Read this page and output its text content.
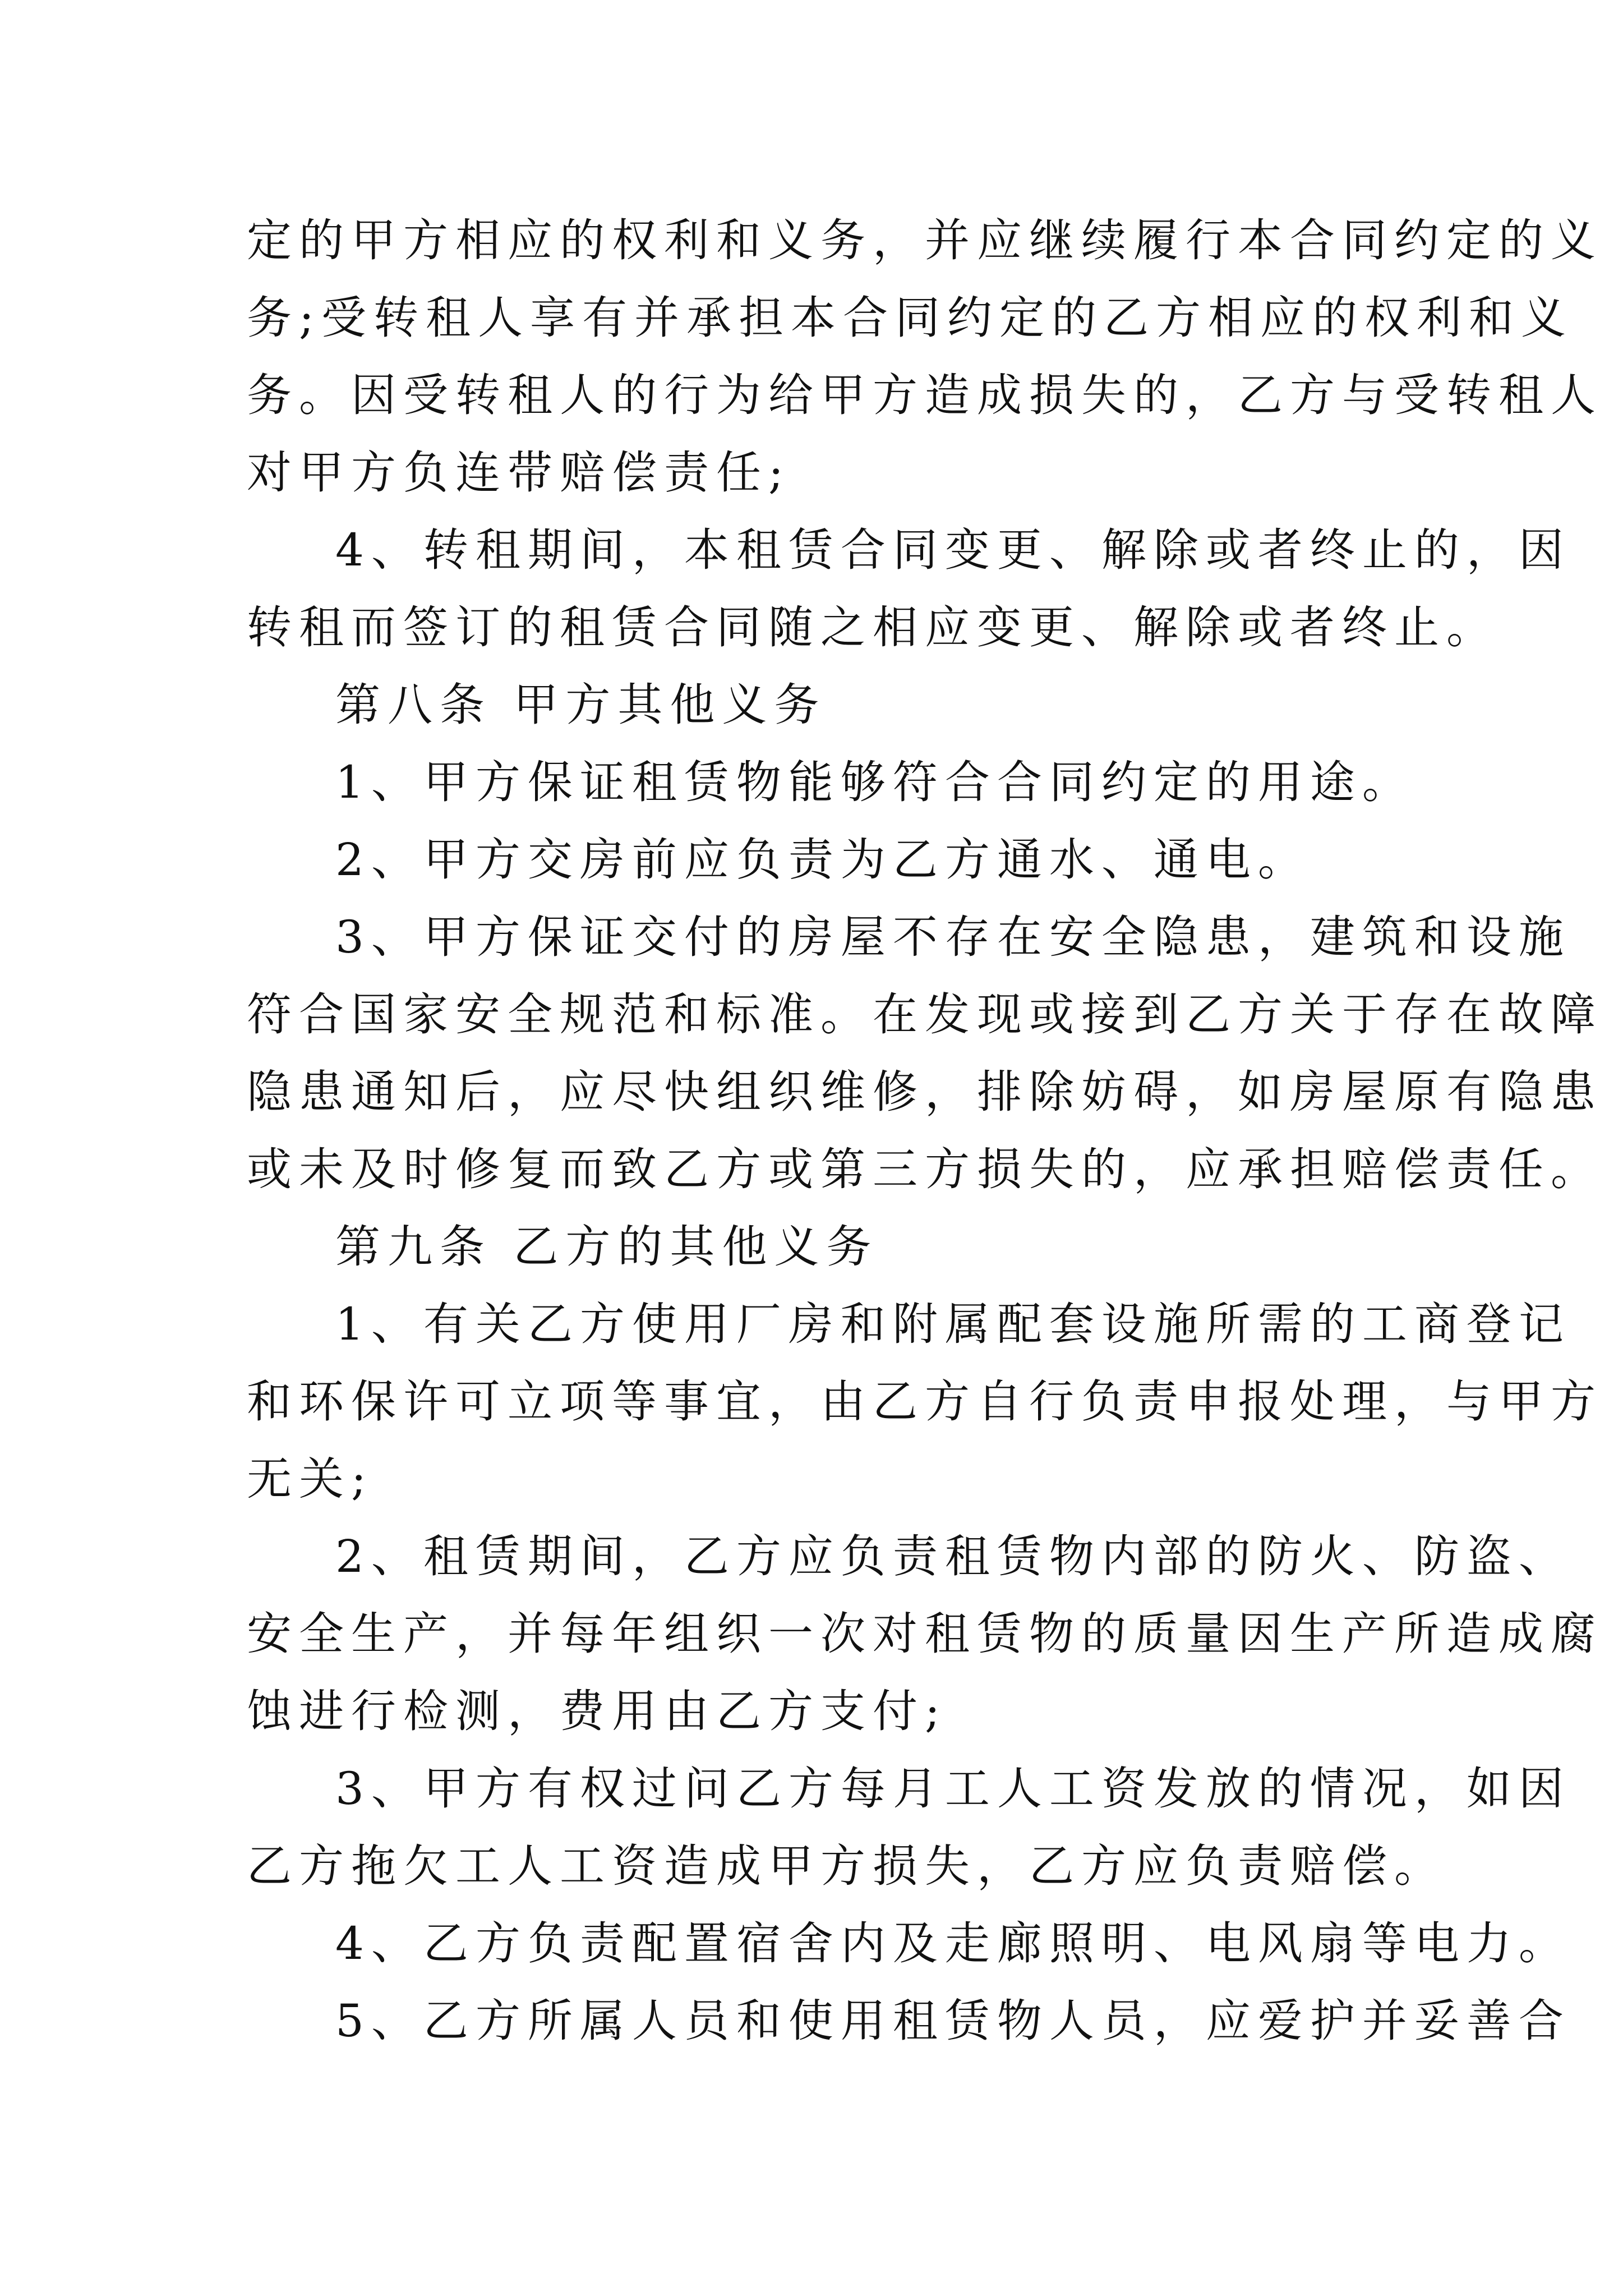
定的甲方相应的权利和义务，并应继续履行本合同约定的义
务;受转租人享有并承担本合同约定的乙方相应的权利和义
务。因受转租人的行为给甲方造成损失的，乙方与受转租人
对甲方负连带赔偿责任;
4、转租期间，本租赁合同变更、解除或者终止的，因
转租而签订的租赁合同随之相应变更、解除或者终止。
第八条 甲方其他义务
1、甲方保证租赁物能够符合合同约定的用途。
2、甲方交房前应负责为乙方通水、通电。
3、甲方保证交付的房屋不存在安全隐患，建筑和设施
符合国家安全规范和标准。在发现或接到乙方关于存在故障
隐患通知后，应尽快组织维修，排除妨碍，如房屋原有隐患
或未及时修复而致乙方或第三方损失的，应承担赔偿责任。
第九条 乙方的其他义务
1、有关乙方使用厂房和附属配套设施所需的工商登记
和环保许可立项等事宜，由乙方自行负责申报处理，与甲方
无关;
2、租赁期间，乙方应负责租赁物内部的防火、防盗、
安全生产，并每年组织一次对租赁物的质量因生产所造成腐
蚀进行检测，费用由乙方支付;
3、甲方有权过问乙方每月工人工资发放的情况，如因
乙方拖欠工人工资造成甲方损失，乙方应负责赔偿。
4、乙方负责配置宿舍内及走廊照明、电风扇等电力。
5、乙方所属人员和使用租赁物人员，应爱护并妥善合
